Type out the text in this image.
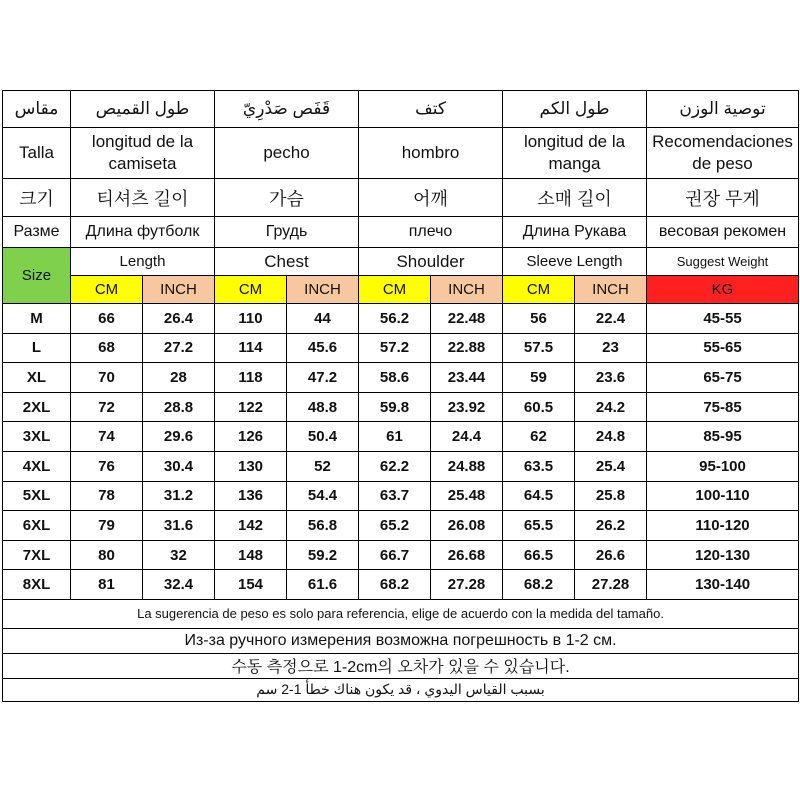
مقاس	طول القميص		قَفَص صَدْرِيّ		كتف		طول الكم		توصية الوزن
Talla	longitud de la camiseta		pecho		hombro		longitud de la manga		Recomendaciones de peso
크기	티셔츠 길이		가슴		어깨		소매 길이		권장 무게
Разме	Длина футболк		Грудь		плечо		Длина Рукава		весовая рекомен
Size	Length		Chest		Shoulder		Sleeve Length		Suggest Weight
	CM	INCH	CM	INCH	CM	INCH	CM	INCH	KG
M	66	26.4	110	44	56.2	22.48	56	22.4	45-55
L	68	27.2	114	45.6	57.2	22.88	57.5	23	55-65
XL	70	28	118	47.2	58.6	23.44	59	23.6	65-75
2XL	72	28.8	122	48.8	59.8	23.92	60.5	24.2	75-85
3XL	74	29.6	126	50.4	61	24.4	62	24.8	85-95
4XL	76	30.4	130	52	62.2	24.88	63.5	25.4	95-100
5XL	78	31.2	136	54.4	63.7	25.48	64.5	25.8	100-110
6XL	79	31.6	142	56.8	65.2	26.08	65.5	26.2	110-120
7XL	80	32	148	59.2	66.7	26.68	66.5	26.6	120-130
8XL	81	32.4	154	61.6	68.2	27.28	68.2	27.28	130-140
La sugerencia de peso es solo para referencia, elige de acuerdo con la medida del tamaño.									
Из-за ручного измерения возможна погрешность в 1-2 см.									
수동 측정으로 1-2cm의 오차가 있을 수 있습니다.									
بسبب القياس اليدوي ، قد يكون هناك خطأ 1-2 سم									
